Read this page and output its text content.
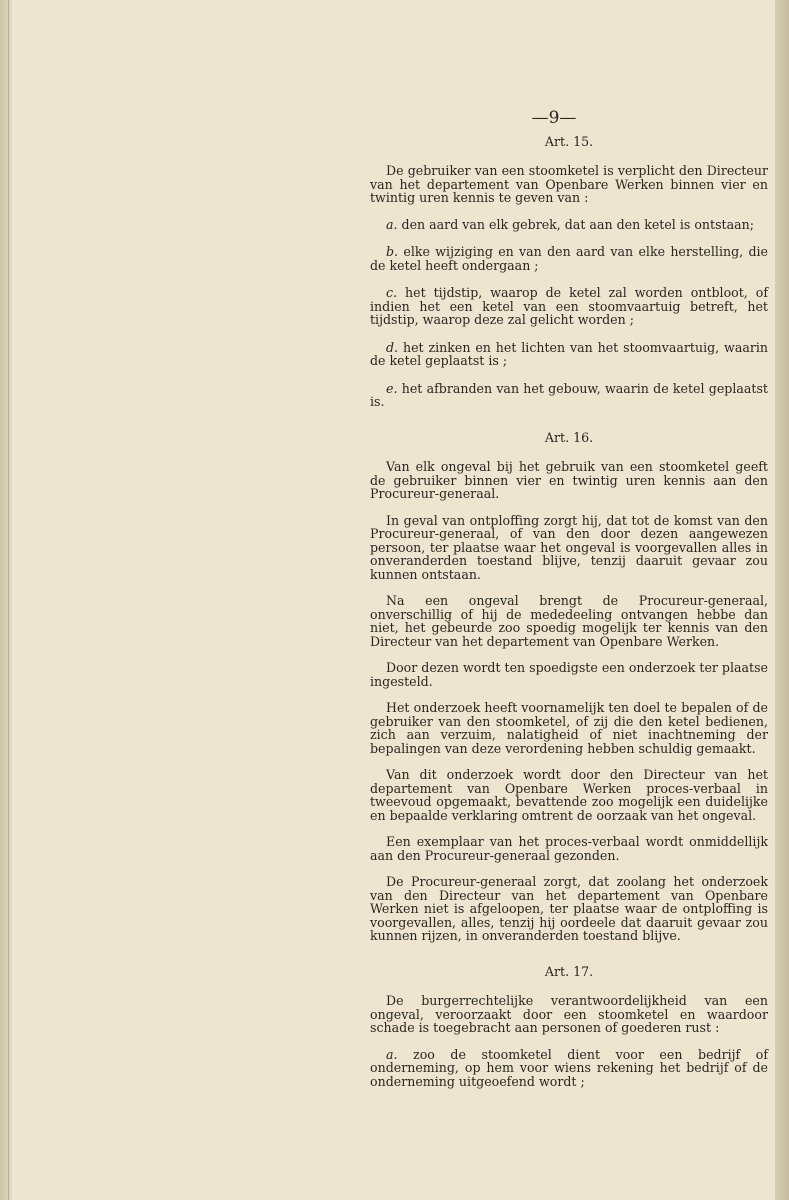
—9—
Art. 15.

De gebruiker van een stoomketel is verplicht den Directeur van het departement van Openbare Werken binnen vier en twintig uren kennis te geven van :

a. den aard van elk gebrek, dat aan den ketel is ontstaan;

b. elke wijziging en van den aard van elke herstelling, die de ketel heeft ondergaan ;

c. het tijdstip, waarop de ketel zal worden ontbloot, of indien het een ketel van een stoomvaartuig betreft, het tijdstip, waarop deze zal gelicht worden ;

d. het zinken en het lichten van het stoomvaartuig, waarin de ketel geplaatst is ;

e. het afbranden van het gebouw, waarin de ketel geplaatst is.

Art. 16.

Van elk ongeval bij het gebruik van een stoomketel geeft de gebruiker binnen vier en twintig uren kennis aan den Procureur-generaal.

In geval van ontploffing zorgt hij, dat tot de komst van den Procureur-generaal, of van den door dezen aangewezen persoon, ter plaatse waar het ongeval is voorgevallen alles in onveranderden toestand blijve, tenzij daaruit gevaar zou kunnen ontstaan.

Na een ongeval brengt de Procureur-generaal, onverschillig of hij de mededeeling ontvangen hebbe dan niet, het gebeurde zoo spoedig mogelijk ter kennis van den Directeur van het departement van Openbare Werken.

Door dezen wordt ten spoedigste een onderzoek ter plaatse ingesteld.

Het onderzoek heeft voornamelijk ten doel te bepalen of de gebruiker van den stoomketel, of zij die den ketel bedienen, zich aan verzuim, nalatigheid of niet inachtneming der bepalingen van deze verordening hebben schuldig gemaakt.

Van dit onderzoek wordt door den Directeur van het departement van Openbare Werken proces-verbaal in tweevoud opgemaakt, bevattende zoo mogelijk een duidelijke en bepaalde verklaring omtrent de oorzaak van het ongeval.

Een exemplaar van het proces-verbaal wordt onmiddellijk aan den Procureur-generaal gezonden.

De Procureur-generaal zorgt, dat zoolang het onderzoek van den Directeur van het departement van Openbare Werken niet is afgeloopen, ter plaatse waar de ontploffing is voorgevallen, alles, tenzij hij oordeele dat daaruit gevaar zou kunnen rijzen, in onveranderden toestand blijve.

Art. 17.

De burgerrechtelijke verantwoordelijkheid van een ongeval, veroorzaakt door een stoomketel en waardoor schade is toegebracht aan personen of goederen rust :

a. zoo de stoomketel dient voor een bedrijf of onderneming, op hem voor wiens rekening het bedrijf of de onderneming uitgeoefend wordt ;
